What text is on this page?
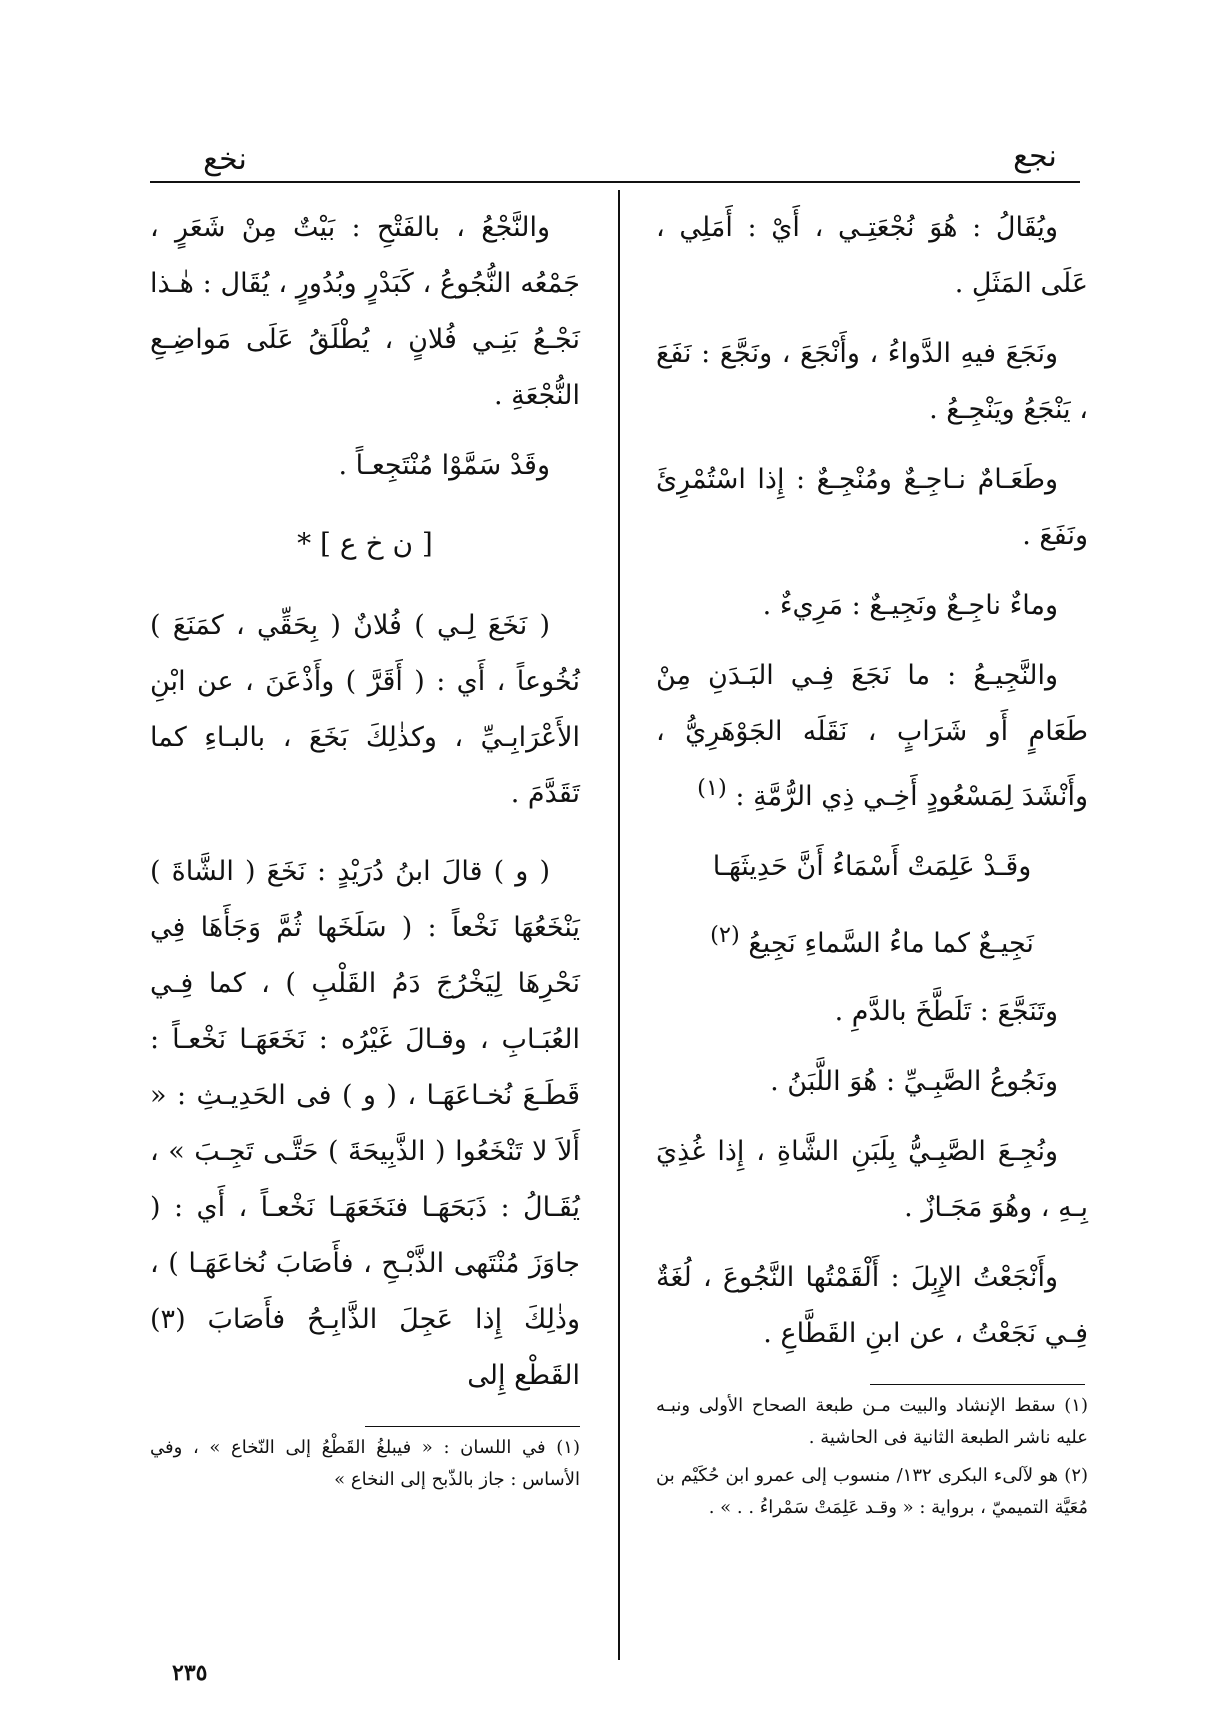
نجع
نخع

ويُقَالُ : هُوَ نُجْعَتِـي ، أَيْ : أَمَلِي ، عَلَى المَثَلِ .

ونَجَعَ فيهِ الدَّواءُ ، وأَنْجَعَ ، ونَجَّعَ : نَفَعَ ، يَنْجَعُ ويَنْجِـعُ .

وطَعَـامٌ نـاجِـعٌ ومُنْجِـعٌ : إِذا اسْتُمْرِئَ ونَفَعَ .

وماءٌ ناجِـعٌ ونَجِيـعٌ : مَرِيءٌ .

والنَّجِيـعُ : ما نَجَعَ فِـي البَـدَنِ مِنْ طَعَامٍ أَو شَرَابٍ ، نَقَلَه الجَوْهَرِيُّ ، وأَنْشَدَ لِمَسْعُودٍ أَخِـي ذِي الرُّمَّةِ : $^{(١)}$

وقَـدْ عَلِمَتْ أَسْمَاءُ أَنَّ حَدِيثَهَـا

نَجِيـعٌ كما ماءُ السَّماءِ نَجِيعُ $^{(٢)}$

وتَنَجَّعَ : تَلَطَّخَ بالدَّمِ .

ونَجُوعُ الصَّبِـيِّ : هُوَ اللَّبَنُ .

ونُجِـعَ الصَّبِـيُّ بِلَبَنِ الشَّاةِ ، إِذا غُذِيَ بِـهِ ، وهُوَ مَجَـازٌ .

وأَنْجَعْتُ الإِبِلَ : أَلْقَمْتُها النَّجُوعَ ، لُغَةٌ فِـي نَجَعْتُ ، عن ابنِ القَطَّاعِ .

والنَّجْعُ ، بالفَتْحِ : بَيْتٌ مِنْ شَعَرٍ ، جَمْعُه النُّجُوعُ ، كَبَدْرٍ وبُدُورٍ ، يُقَال : هٰـذا نَجْـعُ بَنِـي فُلانٍ ، يُطْلَقُ عَلَى مَواضِـعِ النُّجْعَةِ .

وقَدْ سَمَّوْا مُنْتَجِعـاً .

[ ن خ ع ] *

( نَخَعَ لِـي ) فُلانٌ ( بِحَقِّي ، كمَنَعَ ) نُخُوعاً ، أَي : ( أَقَرَّ ) وأَذْعَنَ ، عن ابْنِ الأَعْرَابِـيِّ ، وكذٰلِكَ بَخَعَ ، بالبـاءِ كما تَقَدَّمَ .

( و ) قالَ ابنُ دُرَيْدٍ : نَخَعَ ( الشَّاةَ ) يَنْخَعُهَا نَخْعاً : ( سَلَخَها ثُمَّ وَجَأَهَا فِي نَحْرِهَا لِيَخْرُجَ دَمُ القَلْبِ ) ، كما فِـي العُبَـابِ ، وقـالَ غَيْرُه : نَخَعَهَـا نَخْعـاً : قَطَـعَ نُخـاعَهَـا ، ( و ) فى الحَدِيـثِ : « أَلاَ لا تَنْخَعُوا ( الذَّبِيحَةَ ) حَتَّـى تَجِـبَ » ، يُقَـالُ : ذَبَحَهَـا فنَخَعَهَـا نَخْعـاً ، أَي : ( جاوَزَ مُنْتَهى الذَّبْـحِ ، فأَصَابَ نُخاعَهَـا ) ، وذٰلِكَ إِذا عَجِلَ الذَّابِـحُ فأَصَابَ (٣) القَطْع إِلى

(١) سقط الإنشاد والبيت مـن طبعة الصحاح الأولى ونبـه عليه ناشر الطبعة الثانية فى الحاشية .

(٢) هو لآلىء البكرى ١٣٢/ منسوب إلى عمرو ابن حُكَيْم بن مُعَيَّة التميميّ ، برواية : « وقـد عَلِمَتْ سَمْراءُ . . » .

(١) في اللسان : « فيبلغُ القَطْعُ إلى النّخاع » ، وفي الأساس : جاز بالذّبح إلى النخاع »

٢٣٥
